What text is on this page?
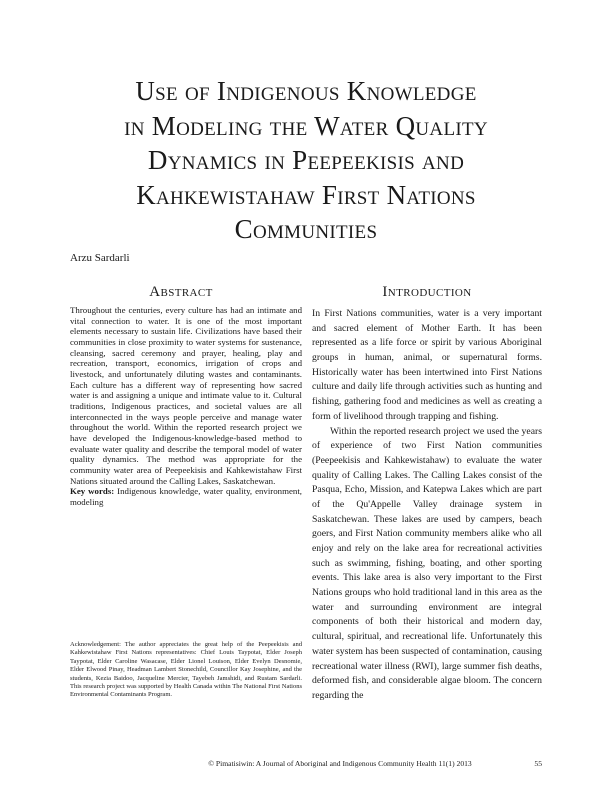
Use of Indigenous Knowledge
in Modeling the Water Quality
Dynamics in Peepeekisis and
Kahkewistahaw First Nations
Communities
Arzu Sardarli
Abstract	Introduction

Throughout the centuries, every culture has had an intimate and vital connection to water. It is one of the most important elements necessary to sustain life. Civilizations have based their communities in close proximity to water systems for sustenance, cleansing, sacred ceremony and prayer, healing, play and recreation, transport, economics, irrigation of crops and livestock, and unfortunately diluting wastes and contaminants. Each culture has a different way of representing how sacred water is and assigning a unique and intimate value to it. Cultural traditions, Indigenous practices, and societal values are all interconnected in the ways people perceive and manage water throughout the world. Within the reported research project we have developed the Indigenous-knowledge-based method to evaluate water quality and describe the temporal model of water quality dynamics. The method was appropriate for the community water area of Peepeekisis and Kahkewistahaw First Nations situated around the Calling Lakes, Saskatchewan.

Key words: Indigenous knowledge, water quality, environment, modeling

Acknowledgement: The author appreciates the great help of the Peepeekisis and Kahkewistahaw First Nations representatives: Chief Louis Taypotat, Elder Joseph Taypotat, Elder Caroline Wasacase, Elder Lionel Louison, Elder Evelyn Desnomie, Elder Elwood Pinay, Headman Lambert Stonechild, Councillor Kay Josephine, and the students, Kezia Baidoo, Jacqueline Mercier, Tayebeh Jamshidi, and Rustam Sardarli. This research project was supported by Health Canada within The National First Nations Environmental Contaminants Program.

In First Nations communities, water is a very important and sacred element of Mother Earth. It has been represented as a life force or spirit by various Aboriginal groups in human, animal, or supernatural forms. Historically water has been intertwined into First Nations culture and daily life through activities such as hunting and fishing, gathering food and medicines as well as creating a form of livelihood through trapping and fishing.

Within the reported research project we used the years of experience of two First Nation communities (Peepeekisis and Kahkewistahaw) to evaluate the water quality of Calling Lakes. The Calling Lakes consist of the Pasqua, Echo, Mission, and Katepwa Lakes which are part of the Qu'Appelle Valley drainage system in Saskatchewan. These lakes are used by campers, beach goers, and First Nation community members alike who all enjoy and rely on the lake area for recreational activities such as swimming, fishing, boating, and other sporting events. This lake area is also very important to the First Nations groups who hold traditional land in this area as the water and surrounding environment are integral components of both their historical and modern day, cultural, spiritual, and recreational life. Unfortunately this water system has been suspected of contamination, causing recreational water illness (RWI), large summer fish deaths, deformed fish, and considerable algae bloom. The concern regarding the

© Pimatisiwin: A Journal of Aboriginal and Indigenous Community Health 11(1) 2013	55
